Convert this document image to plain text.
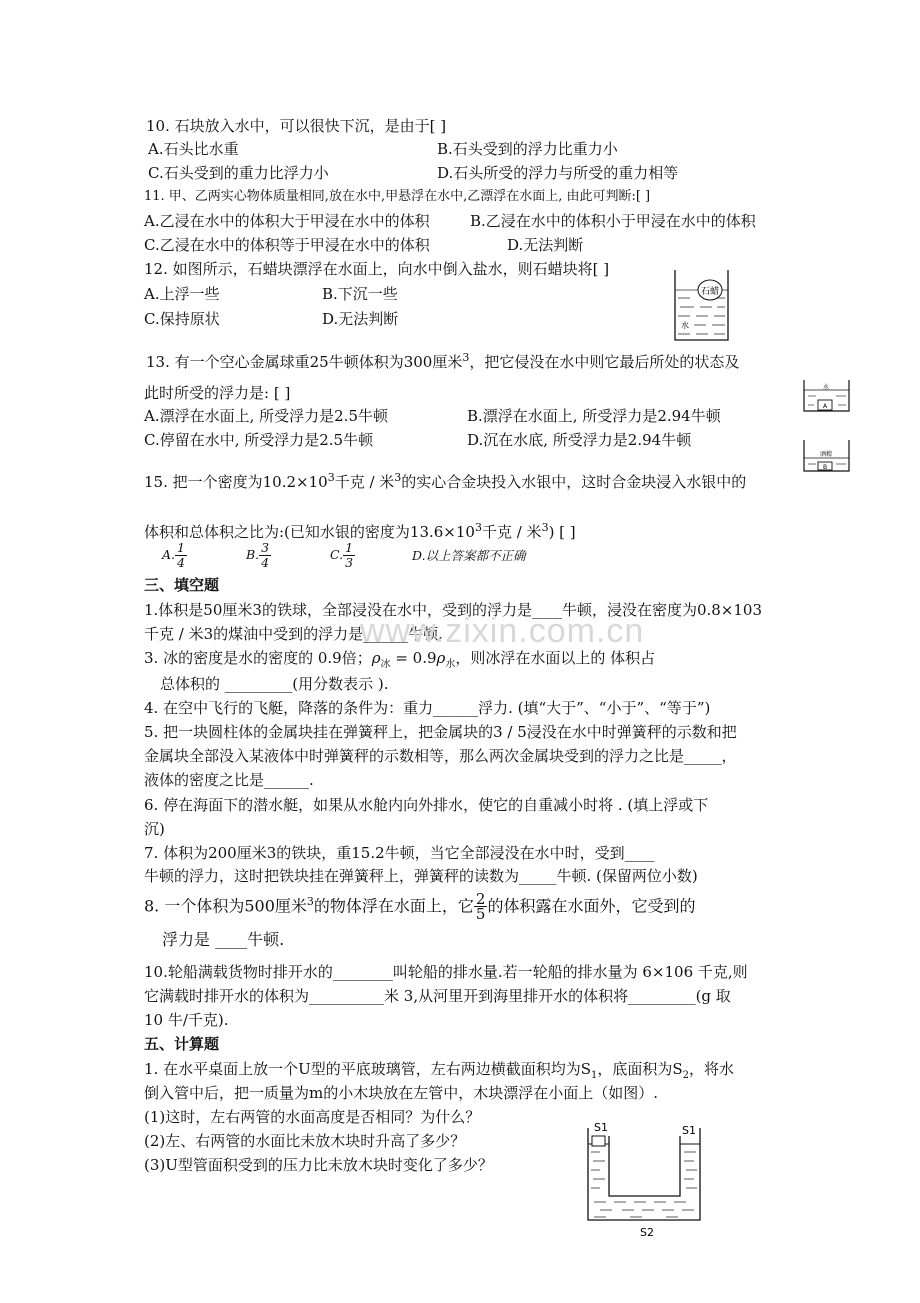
10. 石块放入水中，可以很快下沉，是由于[ ]
A.石头比水重	B.石头受到的浮力比重力小
C.石头受到的重力比浮力小	D.石头所受的浮力与所受的重力相等
11. 甲、乙两实心物体质量相同,放在水中,甲悬浮在水中,乙漂浮在水面上, 由此可判断:[ ]
A.乙浸在水中的体积大于甲浸在水中的体积	B.乙浸在水中的体积小于甲浸在水中的体积
C.乙浸在水中的体积等于甲浸在水中的体积	D.无法判断
12. 如图所示，石蜡块漂浮在水面上，向水中倒入盐水，则石蜡块将[ ]
A.上浮一些	B.下沉一些
C.保持原状	D.无法判断
石蜡
水
13. 有一个空心金属球重25牛顿体积为300厘米$^3$，把它侵没在水中则它最后所处的状态及
此时所受的浮力是: [ ]
A.漂浮在水面上, 所受浮力是2.5牛顿	B.漂浮在水面上, 所受浮力是2.94牛顿
C.停留在水中, 所受浮力是2.5牛顿	D.沉在水底, 所受浮力是2.94牛顿
水
A
酒精
B
15. 把一个密度为$10.2\times 10^3$千克 / 米$^3$的实心合金块投入水银中，这时合金块浸入水银中的
体积和总体积之比为:(已知水银的密度为$13.6\times 10^3$千克 / 米$^3$) [ ]
A. $\frac{1}{4}$	B. $\frac{3}{4}$	C. $\frac{1}{3}$	D.以上答案都不正确
三、填空题
1.体积是50厘米3的铁球，全部浸没在水中，受到的浮力是____牛顿，浸没在密度为0.8×103
千克 / 米3的煤油中受到的浮力是______牛顿.
www.zixin.com.cn
3. 冰的密度是水的密度的 0.9倍；$\rho_冰 = 0.9\rho_水$，则冰浮在水面以上的 体积占
总体积的 _________(用分数表示 ).
4. 在空中飞行的飞艇，降落的条件为：重力______浮力. (填“大于”、“小于”、“等于”)
5. 把一块圆柱体的金属块挂在弹簧秤上，把金属块的3 / 5浸没在水中时弹簧秤的示数和把
金属块全部没入某液体中时弹簧秤的示数相等，那么两次金属块受到的浮力之比是_____，
液体的密度之比是______.
6. 停在海面下的潜水艇，如果从水舱内向外排水，使它的自重减小时将 . (填上浮或下
沉)
7. 体积为200厘米3的铁块，重15.2牛顿，当它全部浸没在水中时，受到____
牛顿的浮力，这时把铁块挂在弹簧秤上，弹簧秤的读数为_____牛顿. (保留两位小数)
8. 一个体积为500厘米$^3$的物体浮在水面上，它 $\frac{2}{5}$ 的体积露在水面外，它受到的
浮力是 ____牛顿.
10.轮船满载货物时排开水的________叫轮船的排水量.若一轮船的排水量为 6×106 千克,则
它满载时排开水的体积为__________米 3,从河里开到海里排开水的体积将_________(g 取
10 牛/千克).
五、计算题
1. 在水平桌面上放一个U型的平底玻璃管，左右两边横截面积均为$S_1$，底面积为$S_2$，将水
倒入管中后，把一质量为m的小木块放在左管中，木块漂浮在小面上（如图）.
(1)这时，左右两管的水面高度是否相同？为什么？
(2)左、右两管的水面比未放木块时升高了多少？
(3)U型管面积受到的压力比未放木块时变化了多少？
S1	S1
S2
